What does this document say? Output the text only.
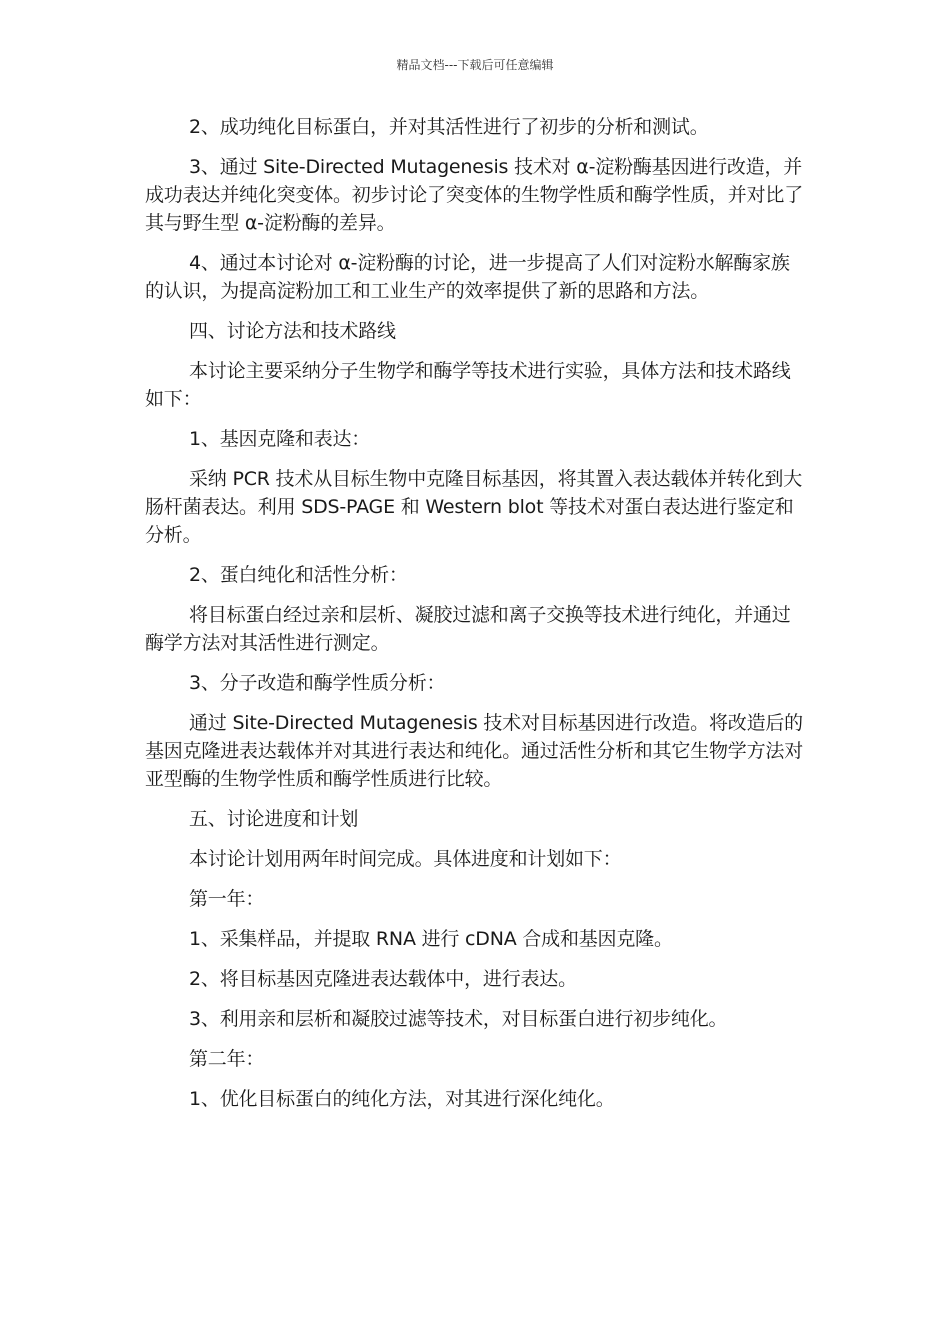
精品文档---下载后可任意编辑

2、成功纯化目标蛋白，并对其活性进行了初步的分析和测试。

3、通过 Site-Directed Mutagenesis 技术对 α-淀粉酶基因进行改造，并成功表达并纯化突变体。初步讨论了突变体的生物学性质和酶学性质，并对比了其与野生型 α-淀粉酶的差异。

4、通过本讨论对 α-淀粉酶的讨论，进一步提高了人们对淀粉水解酶家族的认识，为提高淀粉加工和工业生产的效率提供了新的思路和方法。

四、讨论方法和技术路线

本讨论主要采纳分子生物学和酶学等技术进行实验，具体方法和技术路线如下：

1、基因克隆和表达：

采纳 PCR 技术从目标生物中克隆目标基因，将其置入表达载体并转化到大肠杆菌表达。利用 SDS-PAGE 和 Western blot 等技术对蛋白表达进行鉴定和分析。

2、蛋白纯化和活性分析：

将目标蛋白经过亲和层析、凝胶过滤和离子交换等技术进行纯化，并通过酶学方法对其活性进行测定。

3、分子改造和酶学性质分析：

通过 Site-Directed Mutagenesis 技术对目标基因进行改造。将改造后的基因克隆进表达载体并对其进行表达和纯化。通过活性分析和其它生物学方法对亚型酶的生物学性质和酶学性质进行比较。

五、讨论进度和计划

本讨论计划用两年时间完成。具体进度和计划如下：

第一年：

1、采集样品，并提取 RNA 进行 cDNA 合成和基因克隆。

2、将目标基因克隆进表达载体中，进行表达。

3、利用亲和层析和凝胶过滤等技术，对目标蛋白进行初步纯化。

第二年：

1、优化目标蛋白的纯化方法，对其进行深化纯化。
